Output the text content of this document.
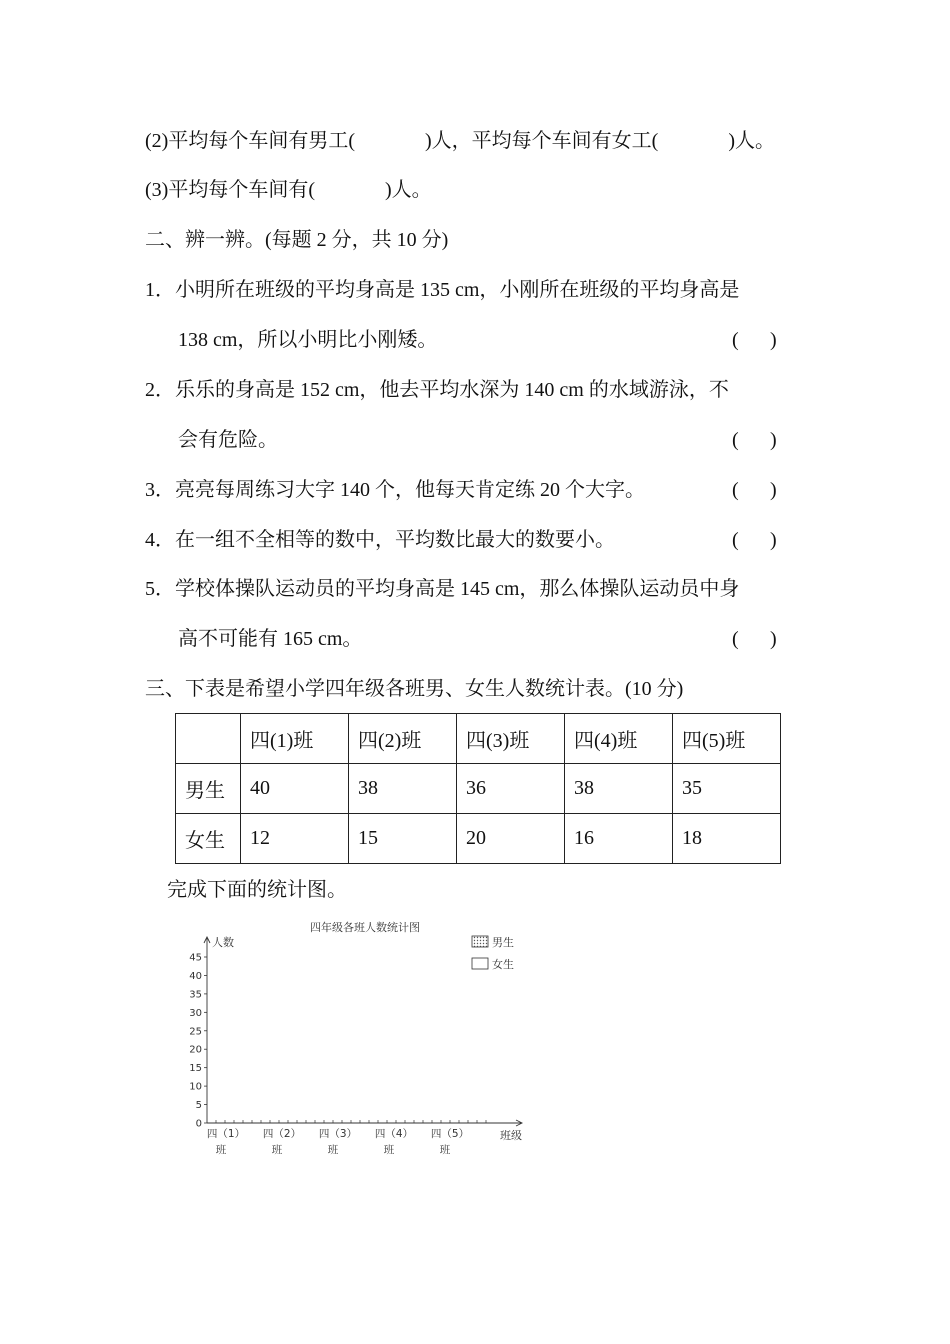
(2)平均每个车间有男工(	)人，平均每个车间有女工(	)人。
(3)平均每个车间有(	)人。
二、辨一辨。(每题 2 分，共 10 分)
1．小明所在班级的平均身高是 135 cm，小刚所在班级的平均身高是
138 cm，所以小明比小刚矮。	( )
2．乐乐的身高是 152 cm，他去平均水深为 140 cm 的水域游泳，不
会有危险。	( )
3．亮亮每周练习大字 140 个，他每天肯定练 20 个大字。	( )
4．在一组不全相等的数中，平均数比最大的数要小。	( )
5．学校体操队运动员的平均身高是 145 cm，那么体操队运动员中身
高不可能有 165 cm。	( )
三、下表是希望小学四年级各班男、女生人数统计表。(10 分)
	四(1)班	四(2)班	四(3)班	四(4)班	四(5)班
男生	40	38	36	38	35
女生	12	15	20	16	18
完成下面的统计图。
四年级各班人数统计图
男生
女生
人数
班级
0
5
10
15
20
25
30
35
40
45
四（1）
班
四（2）
班
四（3）
班
四（4）
班
四（5）
班
